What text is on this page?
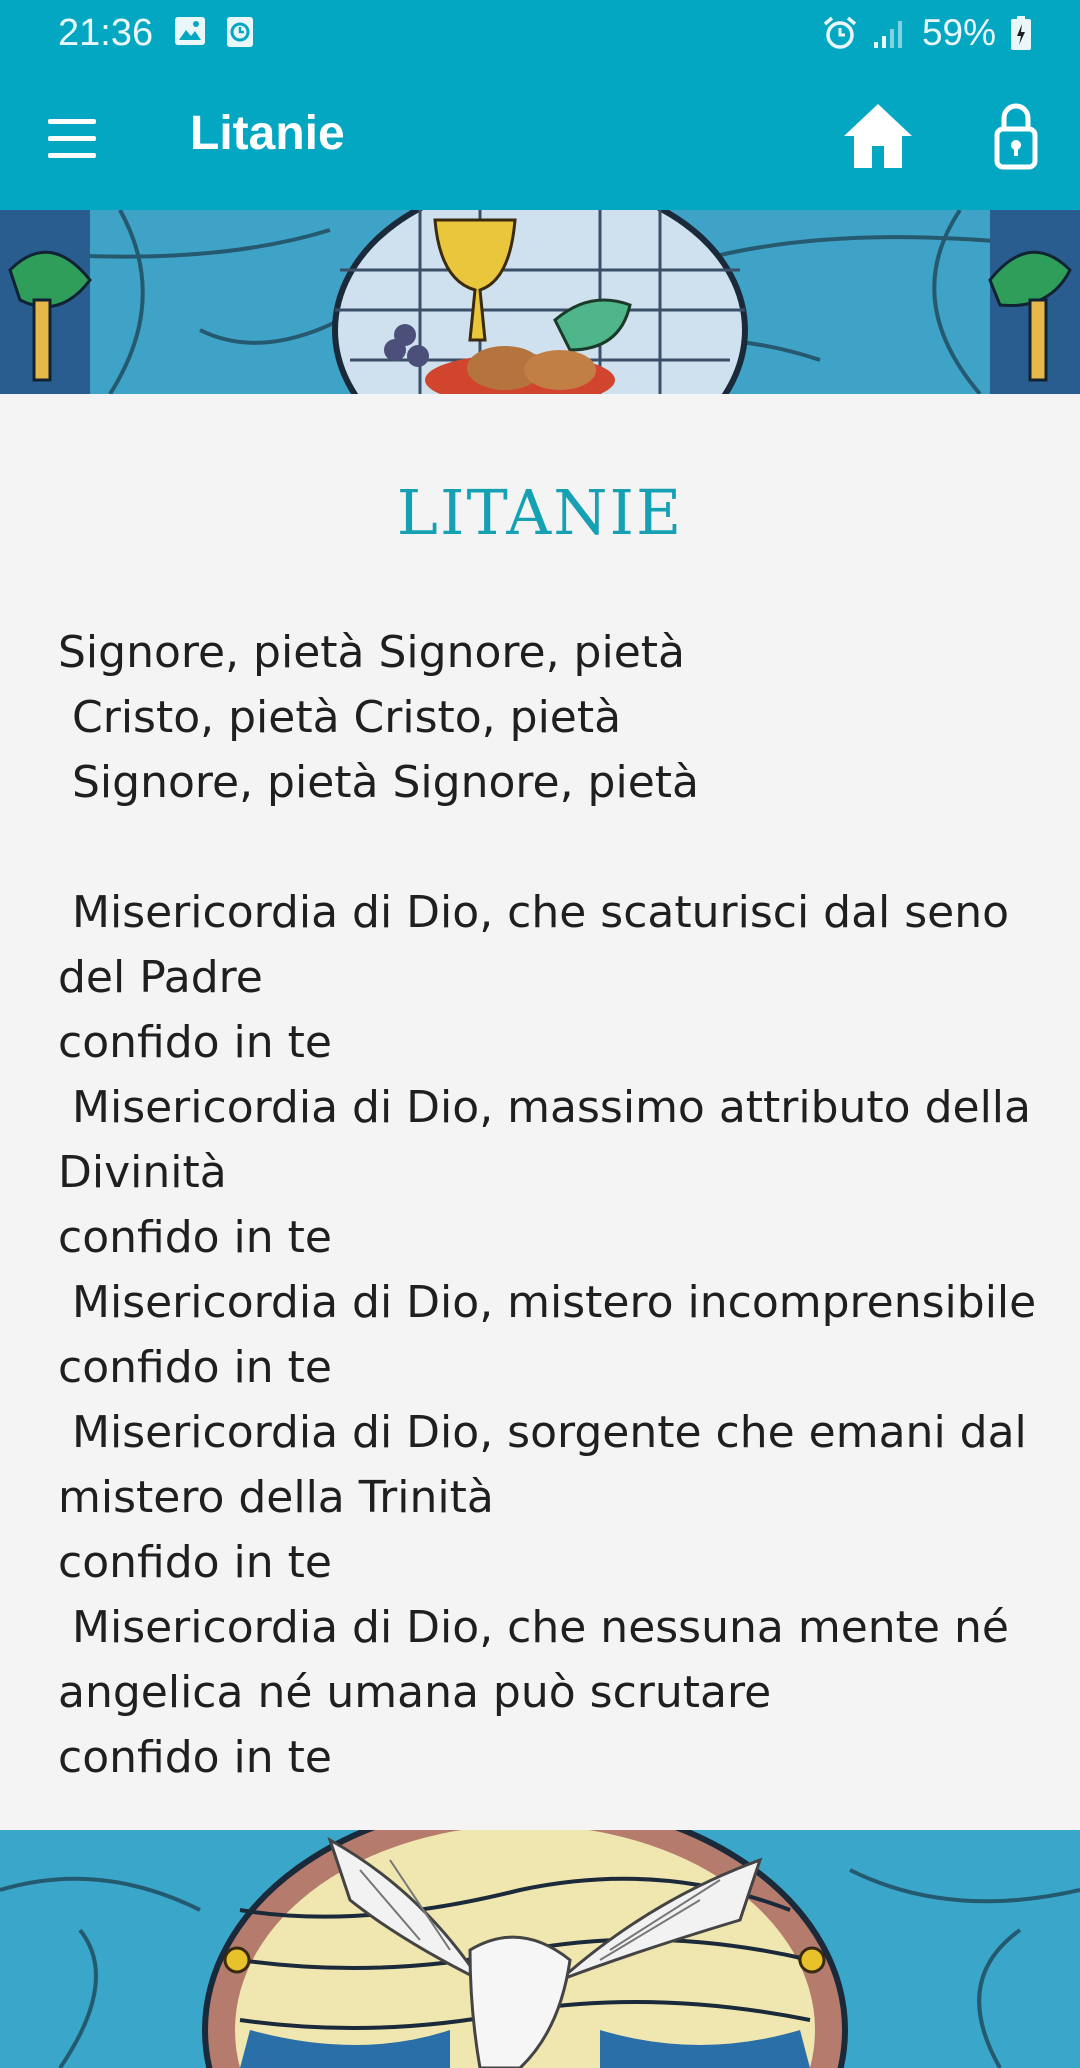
21:36	59%
Litanie
LITANIE
Signore, pietà Signore, pietà
Cristo, pietà Cristo, pietà
Signore, pietà Signore, pietà

Misericordia di Dio, che scaturisci dal seno del Padre
confido in te
Misericordia di Dio, massimo attributo della Divinità
confido in te
Misericordia di Dio, mistero incomprensibile
confido in te
Misericordia di Dio, sorgente che emani dal mistero della Trinità
confido in te
Misericordia di Dio, che nessuna mente né angelica né umana può scrutare
confido in te
